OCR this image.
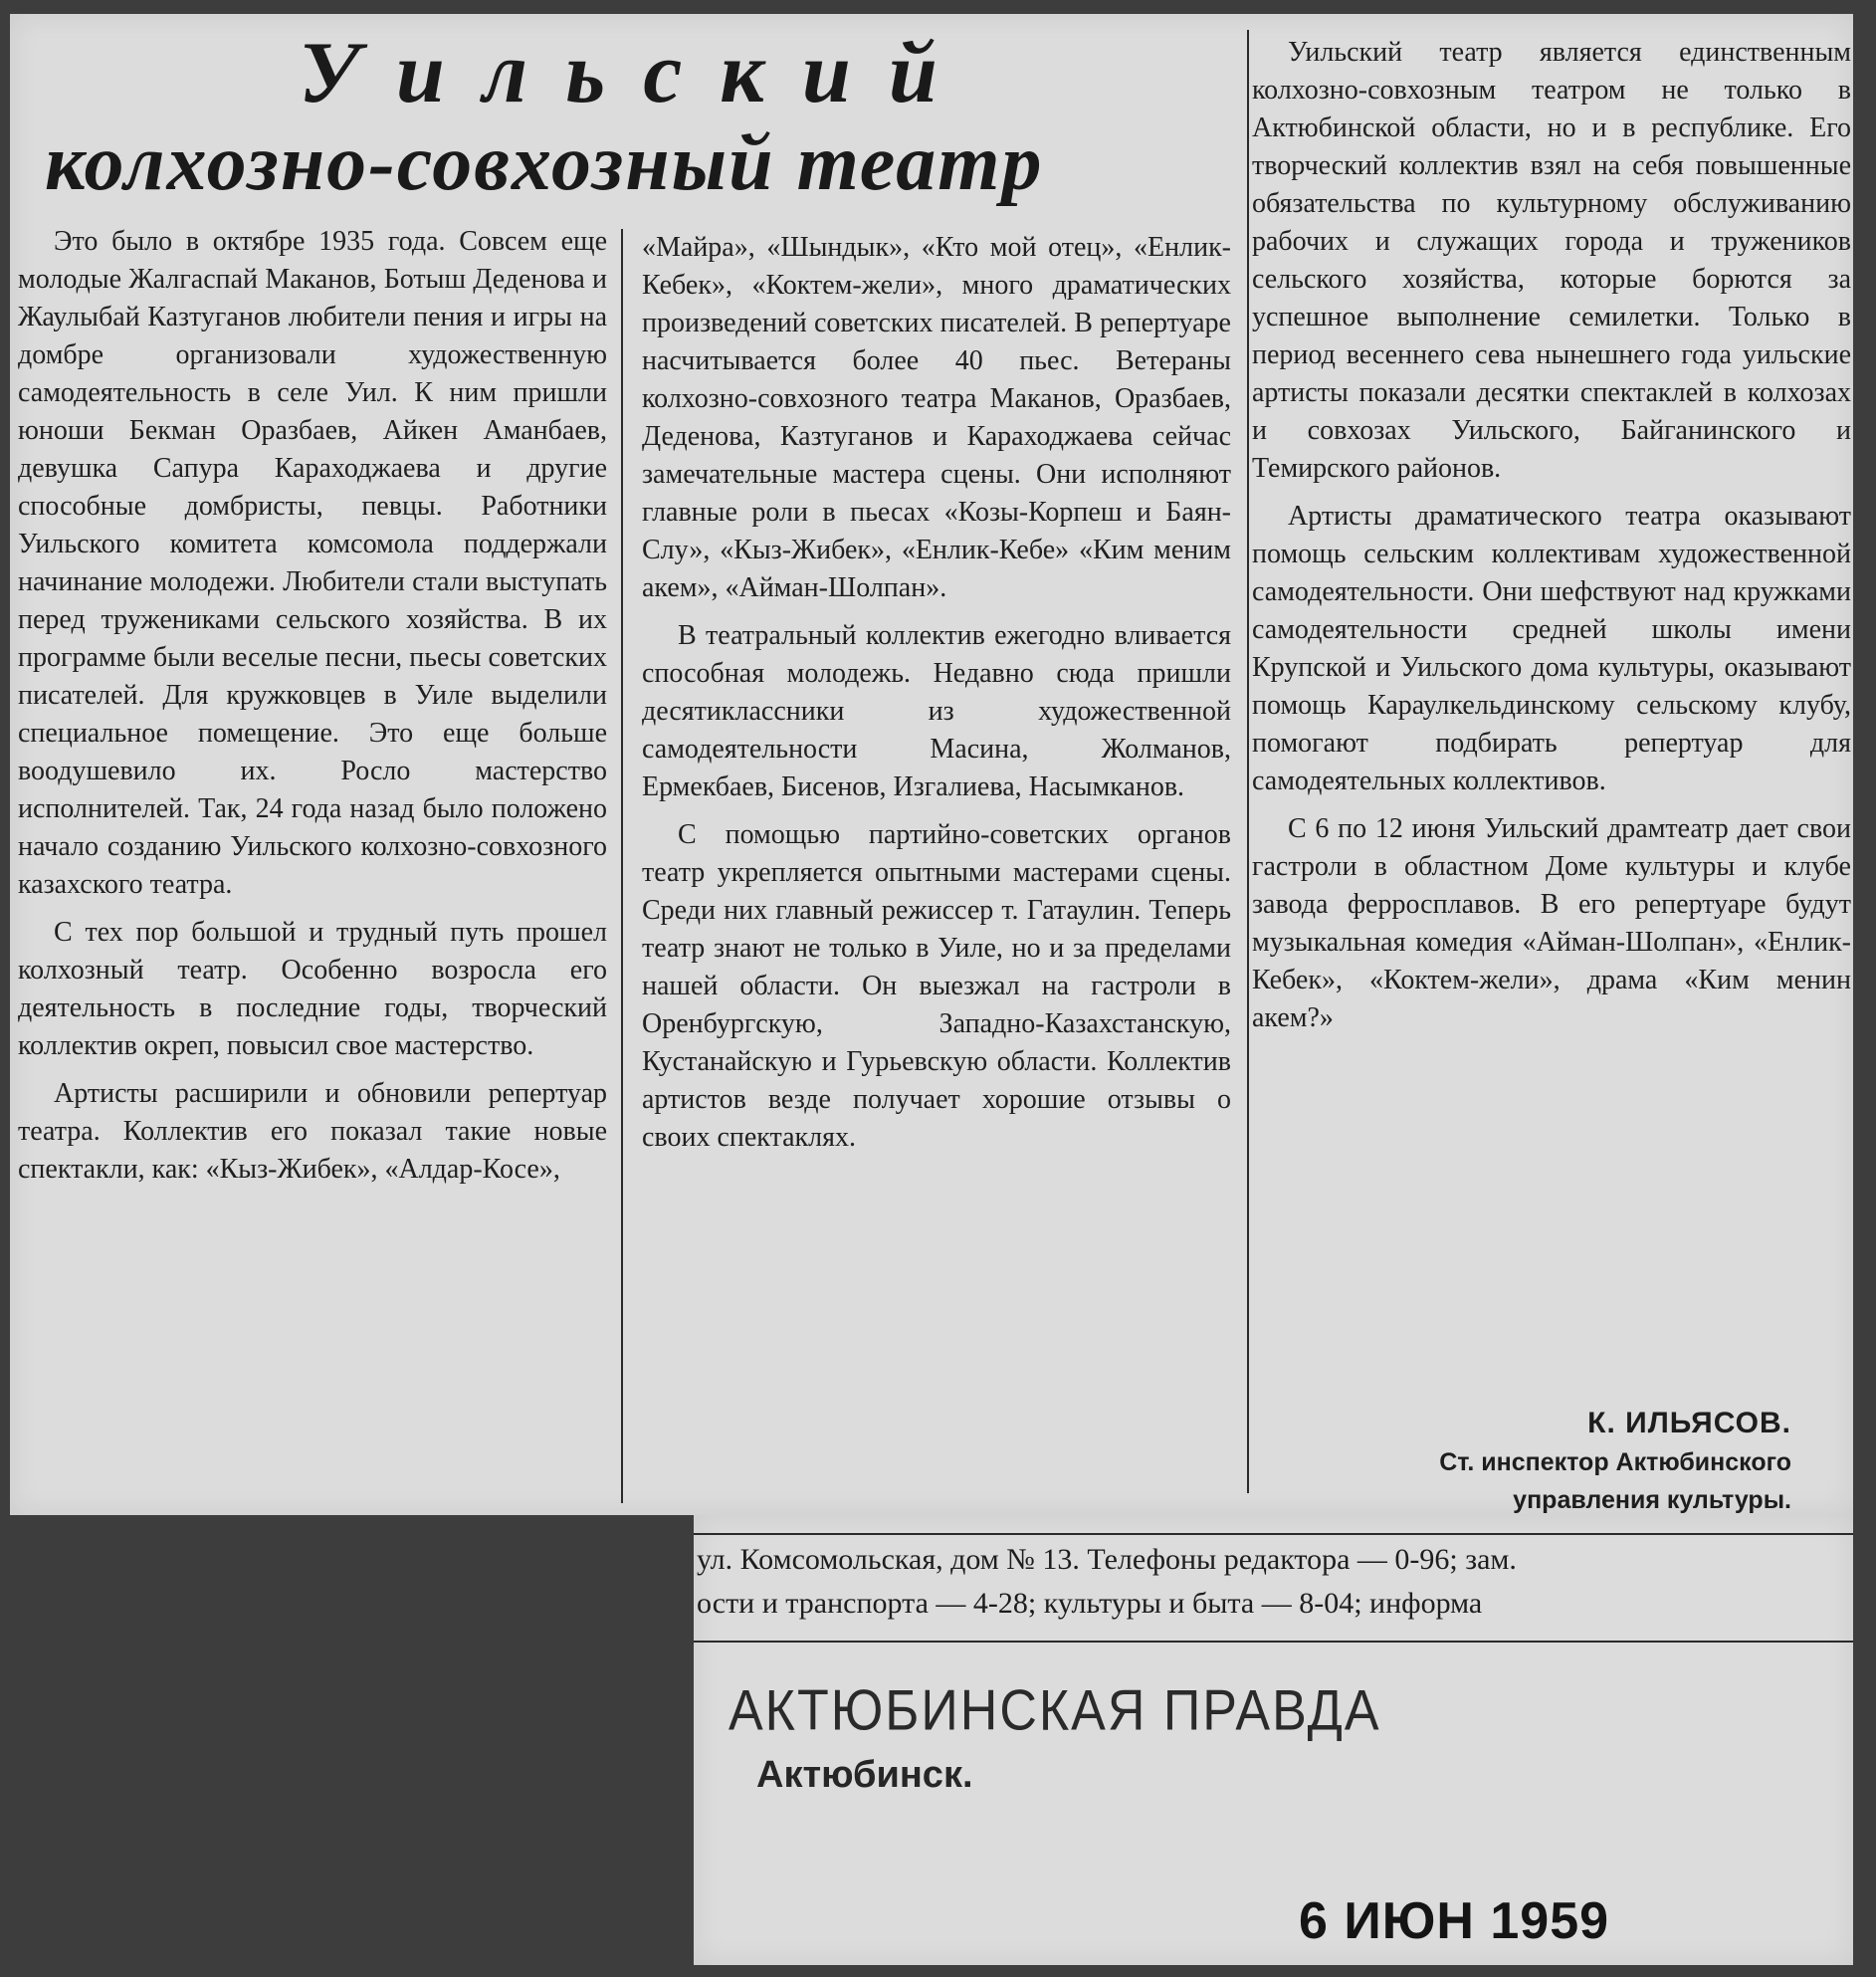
Уильский
колхозно-совхозный театр

Это было в октябре 1935 года. Совсем еще молодые Жалгаспай Маканов, Ботыш Деденова и Жаулыбай Казтуганов любители пения и игры на домбре организовали художественную самодеятельность в селе Уил. К ним пришли юноши Бекман Оразбаев, Айкен Аманбаев, девушка Сапура Караходжаева и другие способные домбристы, певцы. Работники Уильского комитета комсомола поддержали начинание молодежи. Любители стали выступать перед тружениками сельского хозяйства. В их программе были веселые песни, пьесы советских писателей. Для кружковцев в Уиле выделили специальное помещение. Это еще больше воодушевило их. Росло мастерство исполнителей. Так, 24 года назад было положено начало созданию Уильского колхозно-совхозного казахского театра.

С тех пор большой и трудный путь прошел колхозный театр. Особенно возросла его деятельность в последние годы, творческий коллектив окреп, повысил свое мастерство.

Артисты расширили и обновили репертуар театра. Коллектив его показал такие новые спектакли, как: «Кыз-Жибек», «Алдар-Косе»,

«Майра», «Шындык», «Кто мой отец», «Енлик-Кебек», «Коктем-жели», много драматических произведений советских писателей. В репертуаре насчитывается более 40 пьес. Ветераны колхозно-совхозного театра Маканов, Оразбаев, Деденова, Казтуганов и Караходжаева сейчас замечательные мастера сцены. Они исполняют главные роли в пьесах «Козы-Корпеш и Баян-Слу», «Кыз-Жибек», «Енлик-Кебе» «Ким меним акем», «Айман-Шолпан».

В театральный коллектив ежегодно вливается способная молодежь. Недавно сюда пришли десятиклассники из художественной самодеятельности Масина, Жолманов, Ермекбаев, Бисенов, Изгалиева, Насымканов.

С помощью партийно-советских органов театр укрепляется опытными мастерами сцены. Среди них главный режиссер т. Гатаулин. Теперь театр знают не только в Уиле, но и за пределами нашей области. Он выезжал на гастроли в Оренбургскую, Западно-Казахстанскую, Кустанайскую и Гурьевскую области. Коллектив артистов везде получает хорошие отзывы о своих спектаклях.

Уильский театр является единственным колхозно-совхозным театром не только в Актюбинской области, но и в республике. Его творческий коллектив взял на себя повышенные обязательства по культурному обслуживанию рабочих и служащих города и тружеников сельского хозяйства, которые борются за успешное выполнение семилетки. Только в период весеннего сева нынешнего года уильские артисты показали десятки спектаклей в колхозах и совхозах Уильского, Байганинского и Темирского районов.

Артисты драматического театра оказывают помощь сельским коллективам художественной самодеятельности. Они шефствуют над кружками самодеятельности средней школы имени Крупской и Уильского дома культуры, оказывают помощь Караулкельдинскому сельскому клубу, помогают подбирать репертуар для самодеятельных коллективов.

С 6 по 12 июня Уильский драмтеатр дает свои гастроли в областном Доме культуры и клубе завода ферросплавов. В его репертуаре будут музыкальная комедия «Айман-Шолпан», «Енлик-Кебек», «Коктем-жели», драма «Ким менин акем?»

К. ИЛЬЯСОВ.
Ст. инспектор Актюбинского
управления культуры.
ул. Комсомольская, дом № 13. Телефоны редактора — 0-96; зам.
ости и транспорта — 4-28; культуры и быта — 8-04; информа
АКТЮБИНСКАЯ ПРАВДА
Актюбинск.
6 ИЮН 1959
